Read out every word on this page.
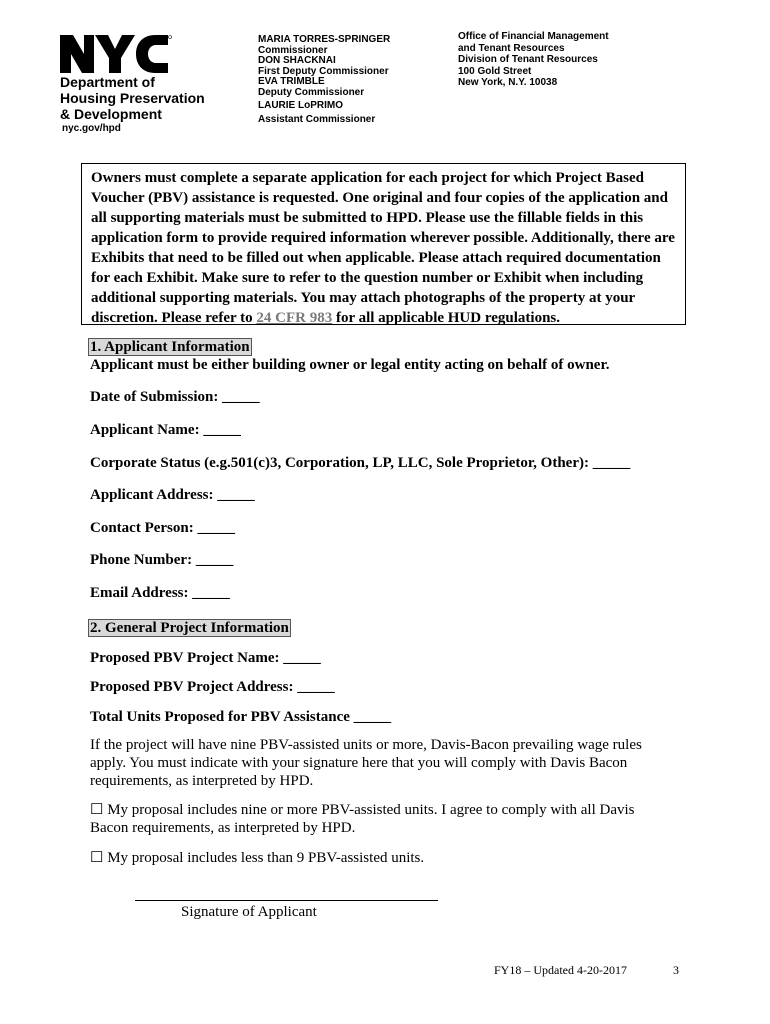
Department of
Housing Preservation
& Development
nyc.gov/hpd
MARIA TORRES-SPRINGER
Commissioner
DON SHACKNAI
First Deputy Commissioner
EVA TRIMBLE
Deputy Commissioner
LAURIE LoPRIMO
Assistant Commissioner
Office of Financial Management
and Tenant Resources
Division of Tenant Resources
100 Gold Street
New York, N.Y. 10038
Owners must complete a separate application for each project for which Project Based Voucher (PBV) assistance is requested. One original and four copies of the application and all supporting materials must be submitted to HPD. Please use the fillable fields in this application form to provide required information wherever possible. Additionally, there are Exhibits that need to be filled out when applicable. Please attach required documentation for each Exhibit. Make sure to refer to the question number or Exhibit when including additional supporting materials. You may attach photographs of the property at your discretion. Please refer to 24 CFR 983 for all applicable HUD regulations.
1. Applicant Information
Applicant must be either building owner or legal entity acting on behalf of owner.
Date of Submission: _____
Applicant Name: _____
Corporate Status (e.g.501(c)3, Corporation, LP, LLC, Sole Proprietor, Other): _____
Applicant Address: _____
Contact Person: _____
Phone Number: _____
Email Address: _____
2. General Project Information
Proposed PBV Project Name: _____
Proposed PBV Project Address: _____
Total Units Proposed for PBV Assistance _____
If the project will have nine PBV-assisted units or more, Davis-Bacon prevailing wage rules apply. You must indicate with your signature here that you will comply with Davis Bacon requirements, as interpreted by HPD.
☐ My proposal includes nine or more PBV-assisted units. I agree to comply with all Davis Bacon requirements, as interpreted by HPD.
☐ My proposal includes less than 9 PBV-assisted units.
Signature of Applicant
FY18 – Updated 4-20-2017	3
